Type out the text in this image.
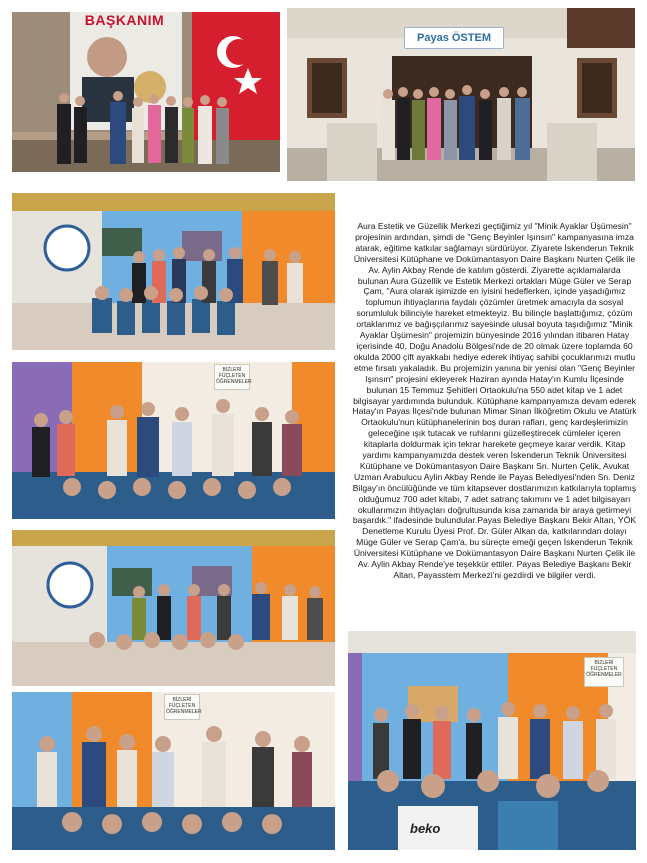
BAŞKANIM
Payas ÖSTEM

Aura Estetik ve Güzellik Merkezi geçtiğimiz yıl "Minik Ayaklar Üşümesin" projesinin ardından, şimdi de "Genç Beyinler Işınsın" kampanyasına imza atarak, eğitime katkılar sağlamayı sürdürüyor. Ziyarete İskenderun Teknik Üniversitesi Kütüphane ve Dokümantasyon Daire Başkanı Nurten Çelik ile Av. Aylin Akbay Rende de katılım gösterdi. Ziyarette açıklamalarda bulunan Aura Güzellik ve Estetik Merkezi ortakları Müge Güler ve Serap Çam, "Aura olarak işimizde en iyisini hedeflerken, içinde yaşadığımız toplumun ihtiyaçlarına faydalı çözümler üretmek amacıyla da sosyal sorumluluk bilinciyle hareket etmekteyiz. Bu bilinçle başlattığımız, çözüm ortaklarımız ve bağışçılarımız sayesinde ulusal boyuta taşıdığımız "Minik Ayaklar Üşümesin" projemizin bünyesinde 2016 yılından itibaren Hatay içerisinde 40, Doğu Anadolu Bölgesi'nde de 20 olmak üzere toplamda 60 okulda 2000 çift ayakkabı hediye ederek ihtiyaç sahibi çocuklarımızı mutlu etme fırsatı yakaladık. Bu projemizin yanına bir yenisi olan "Genç Beyinler Işınsın" projesini ekleyerek Haziran ayında Hatay'ın Kumlu İlçesinde bulunan 15 Temmuz Şehitleri Ortaokulu'na 550 adet kitap ve 1 adet bilgisayar yardımında bulunduk. Kütüphane kampanyamıza devam ederek Hatay'ın Payas İlçesi'nde bulunan Mimar Sinan İlköğretim Okulu ve Atatürk Ortaokulu'nun kütüphanelerinin boş duran rafları, genç kardeşlerimizin geleceğine ışık tutacak ve ruhlarını güzelleştirecek cümleler içeren kitaplarla doldurmak için tekrar harekete geçmeye karar verdik. Kitap yardımı kampanyamızda destek veren İskenderun Teknik Üniversitesi Kütüphane ve Dokümantasyon Daire Başkanı Sn. Nurten Çelik, Avukat Uzman Arabulucu Aylin Akbay Rende ile Payas Belediyesi'nden Sn. Deniz Bilgay'ın öncülüğünde ve tüm kitapsever dostlarımızın katkılarıyla toplamış olduğumuz 700 adet kitabı, 7 adet satranç takımını ve 1 adet bilgisayarı okullarımızın ihtiyaçları doğrultusunda kısa zamanda bir araya getirmeyi başardık." ifadesinde bulundular.Payas Belediye Başkanı Bekir Altan, YÖK Denetleme Kurulu Üyesi Prof. Dr. Güler Alkan da, katkılarından dolayı Müge Güler ve Serap Çam'a, bu süreçte emeği geçen İskenderun Teknik Üniversitesi Kütüphane ve Dokümantasyon Daire Başkanı Nurten Çelik ile Av. Aylin Akbay Rende'ye teşekkür ettiler. Payas Belediye Başkanı Bekir Altan, Payasstem Merkezi'ni gezdirdi ve bilgiler verdi.

BİZLERİ FÜÇLETEN ÖĞRENMELER
BİZLERİ FÜÇLETEN ÖĞRENMELER
BİZLERİ FÜÇLETEN ÖĞRENMELER
beko
